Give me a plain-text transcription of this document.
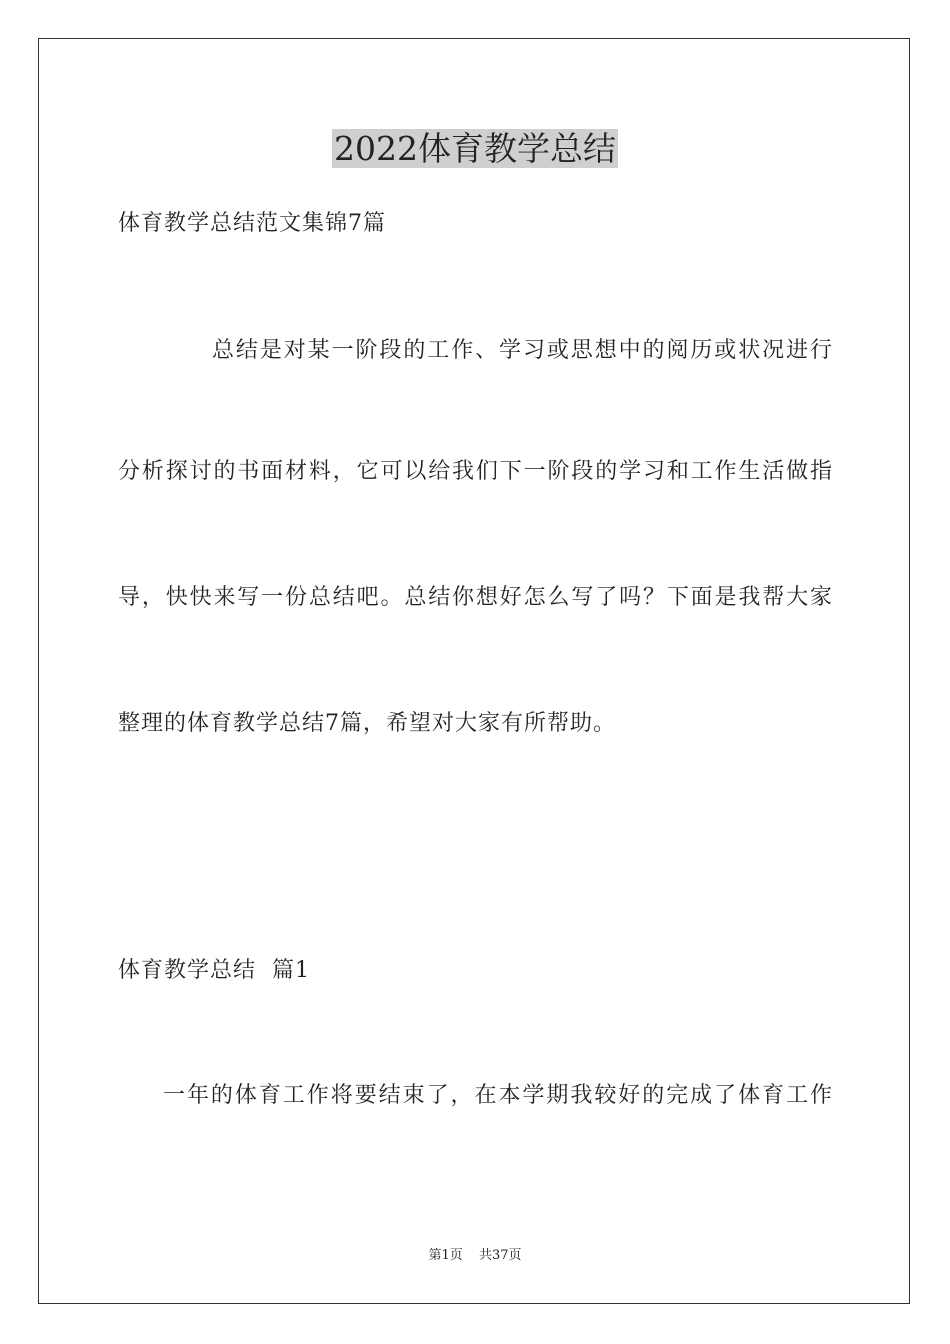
2022体育教学总结
体育教学总结范文集锦7篇
总结是对某一阶段的工作、学习或思想中的阅历或状况进行
分析探讨的书面材料，它可以给我们下一阶段的学习和工作生活做指
导，快快来写一份总结吧。总结你想好怎么写了吗？下面是我帮大家
整理的体育教学总结7篇，希望对大家有所帮助。
体育教学总结  篇1
一年的体育工作将要结束了，在本学期我较好的完成了体育工作
第1页 共37页
